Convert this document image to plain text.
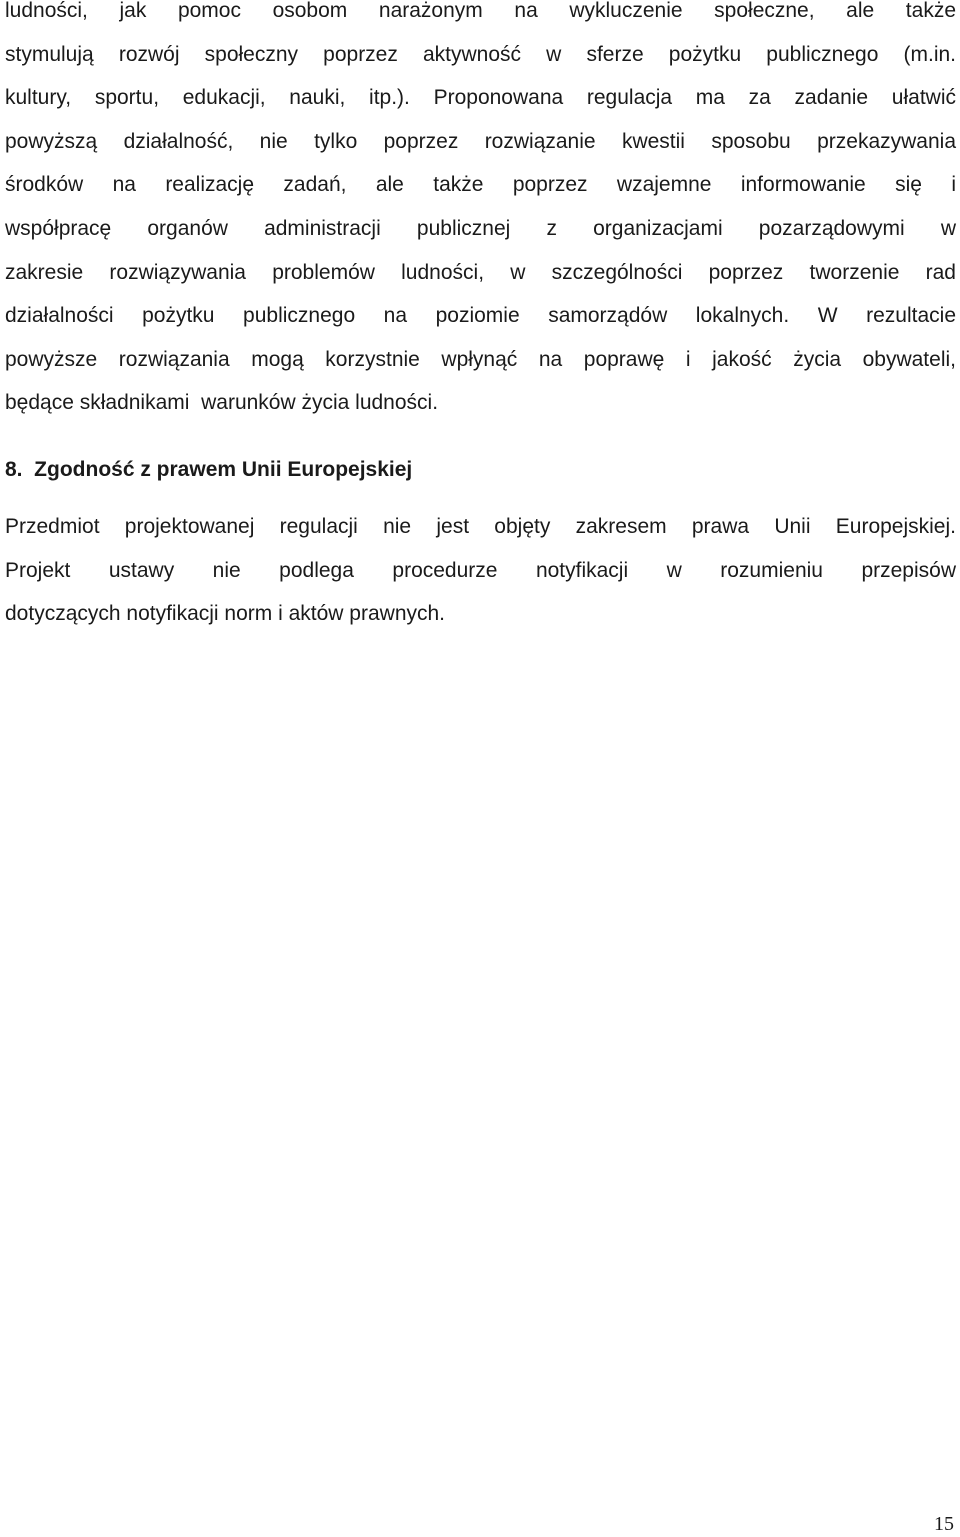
ludności, jak pomoc osobom narażonym na wykluczenie społeczne, ale także
stymulują rozwój społeczny poprzez aktywność w sferze pożytku publicznego (m.in.
kultury, sportu, edukacji, nauki, itp.). Proponowana regulacja ma za zadanie ułatwić
powyższą działalność, nie tylko poprzez rozwiązanie kwestii sposobu przekazywania
środków na realizację zadań, ale także poprzez wzajemne informowanie się i
współpracę organów administracji publicznej z organizacjami pozarządowymi w
zakresie rozwiązywania problemów ludności, w szczególności poprzez tworzenie rad
działalności pożytku publicznego na poziomie samorządów lokalnych. W rezultacie
powyższe rozwiązania mogą korzystnie wpłynąć na poprawę i jakość życia obywateli,
będące składnikami  warunków życia ludności.
8.  Zgodność z prawem Unii Europejskiej
Przedmiot projektowanej regulacji nie jest objęty zakresem prawa Unii Europejskiej.
Projekt ustawy nie podlega procedurze notyfikacji w rozumieniu przepisów
dotyczących notyfikacji norm i aktów prawnych.
15
